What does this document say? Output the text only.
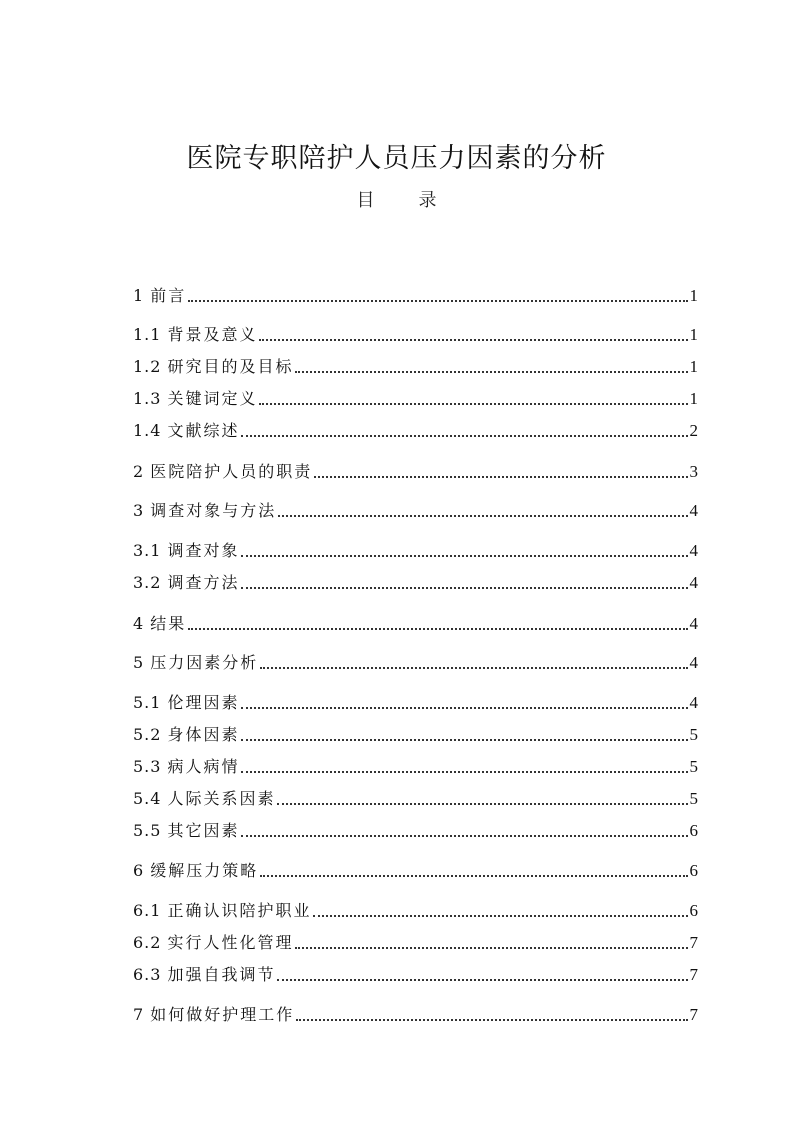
医院专职陪护人员压力因素的分析
目录
1 前言	1
1.1 背景及意义	1
1.2 研究目的及目标	1
1.3 关键词定义	1
1.4 文献综述	2
2 医院陪护人员的职责	3
3 调查对象与方法	4
3.1 调查对象	4
3.2 调查方法	4
4 结果	4
5 压力因素分析	4
5.1 伦理因素	4
5.2 身体因素	5
5.3 病人病情	5
5.4 人际关系因素	5
5.5 其它因素	6
6 缓解压力策略	6
6.1 正确认识陪护职业	6
6.2 实行人性化管理	7
6.3 加强自我调节	7
7 如何做好护理工作	7
